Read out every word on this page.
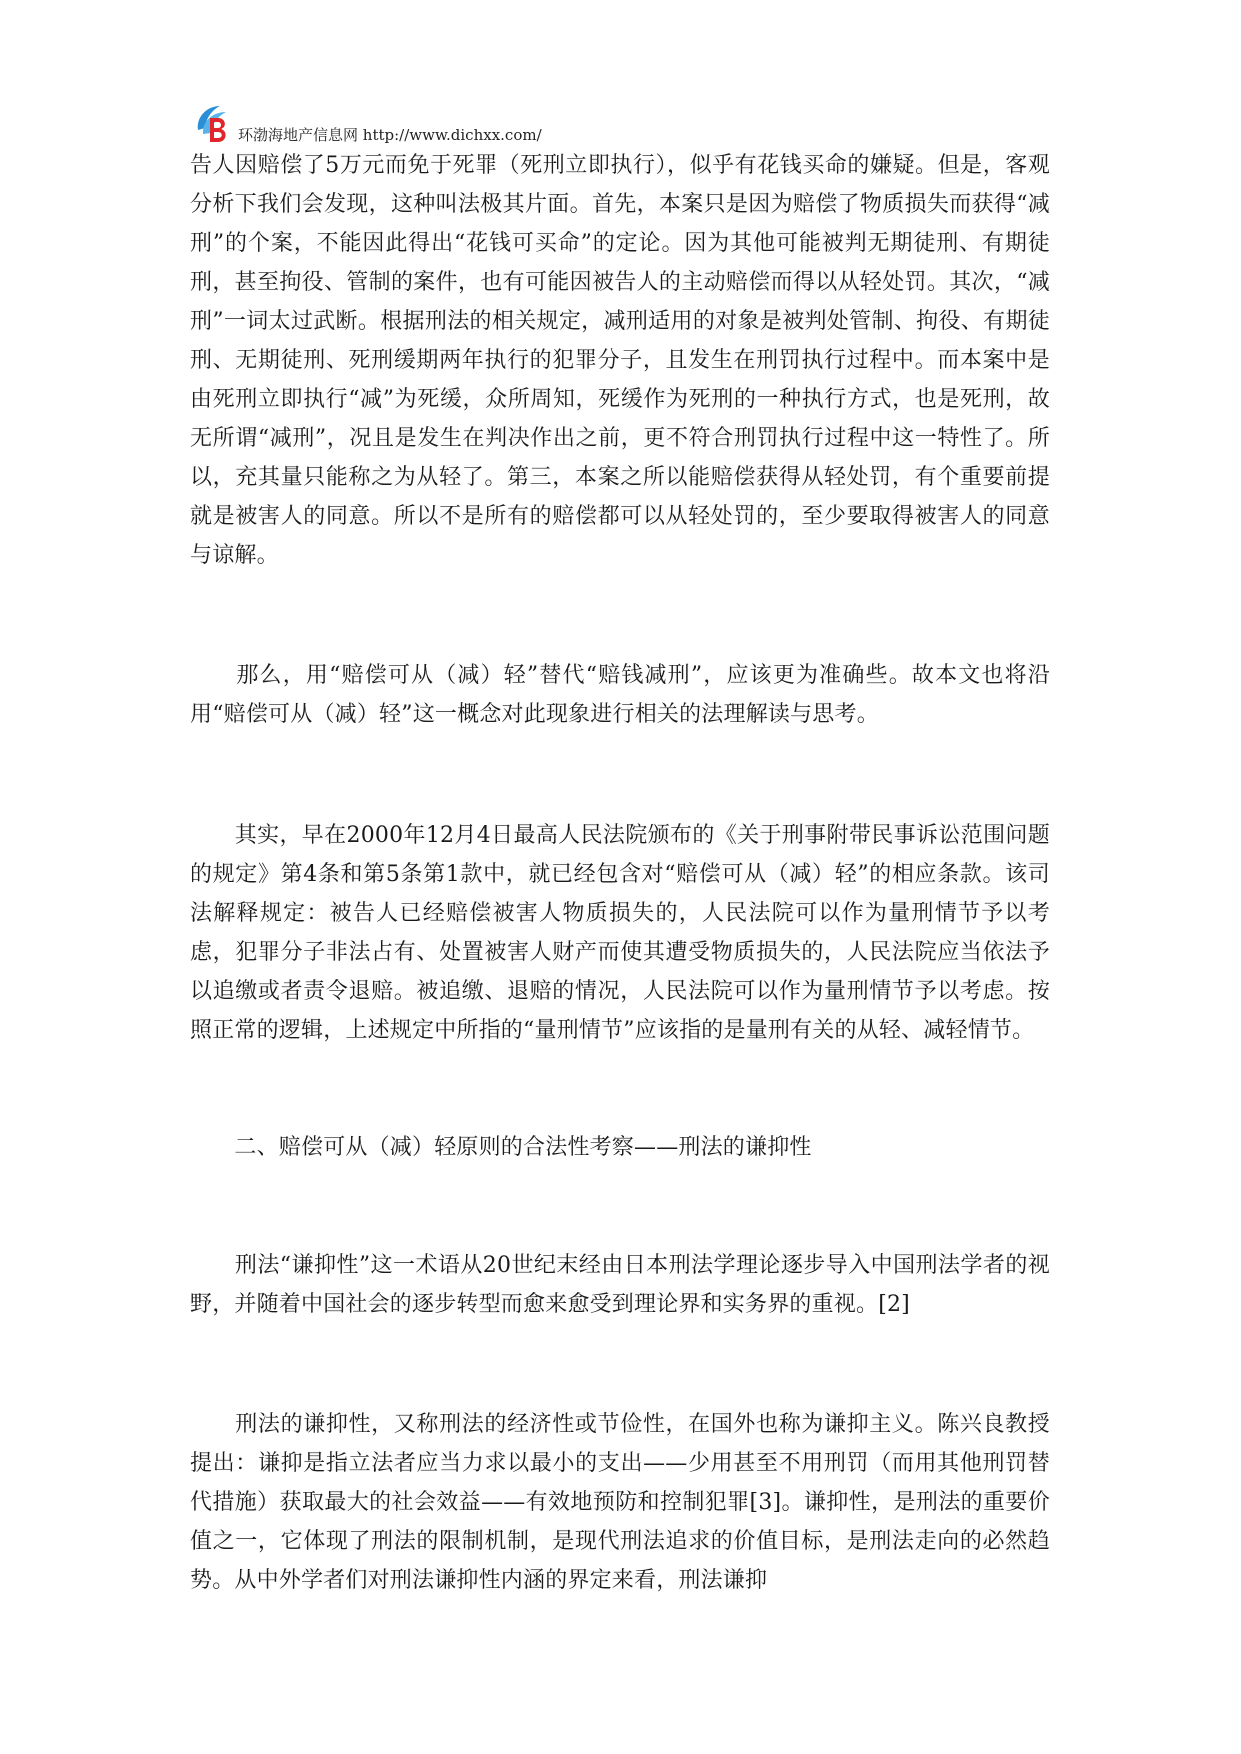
环渤海地产信息网 http://www.dichxx.com/

告人因赔偿了5万元而免于死罪（死刑立即执行），似乎有花钱买命的嫌疑。但是，客观分析下我们会发现，这种叫法极其片面。首先，本案只是因为赔偿了物质损失而获得“减刑”的个案，不能因此得出“花钱可买命”的定论。因为其他可能被判无期徒刑、有期徒刑，甚至拘役、管制的案件，也有可能因被告人的主动赔偿而得以从轻处罚。其次，“减刑”一词太过武断。根据刑法的相关规定，减刑适用的对象是被判处管制、拘役、有期徒刑、无期徒刑、死刑缓期两年执行的犯罪分子，且发生在刑罚执行过程中。而本案中是由死刑立即执行“减”为死缓，众所周知，死缓作为死刑的一种执行方式，也是死刑，故无所谓“减刑”，况且是发生在判决作出之前，更不符合刑罚执行过程中这一特性了。所以，充其量只能称之为从轻了。第三，本案之所以能赔偿获得从轻处罚，有个重要前提就是被害人的同意。所以不是所有的赔偿都可以从轻处罚的，至少要取得被害人的同意与谅解。

　　那么，用“赔偿可从（减）轻”替代“赔钱减刑”，应该更为准确些。故本文也将沿用“赔偿可从（减）轻”这一概念对此现象进行相关的法理解读与思考。

　　其实，早在2000年12月4日最高人民法院颁布的《关于刑事附带民事诉讼范围问题的规定》第4条和第5条第1款中，就已经包含对“赔偿可从（减）轻”的相应条款。该司法解释规定：被告人已经赔偿被害人物质损失的，人民法院可以作为量刑情节予以考虑，犯罪分子非法占有、处置被害人财产而使其遭受物质损失的，人民法院应当依法予以追缴或者责令退赔。被追缴、退赔的情况，人民法院可以作为量刑情节予以考虑。按照正常的逻辑，上述规定中所指的“量刑情节”应该指的是量刑有关的从轻、减轻情节。

　　二、赔偿可从（减）轻原则的合法性考察——刑法的谦抑性

　　刑法“谦抑性”这一术语从20世纪末经由日本刑法学理论逐步导入中国刑法学者的视野，并随着中国社会的逐步转型而愈来愈受到理论界和实务界的重视。[2]

　　刑法的谦抑性，又称刑法的经济性或节俭性，在国外也称为谦抑主义。陈兴良教授提出：谦抑是指立法者应当力求以最小的支出——少用甚至不用刑罚（而用其他刑罚替代措施）获取最大的社会效益——有效地预防和控制犯罪[3]。谦抑性，是刑法的重要价值之一，它体现了刑法的限制机制，是现代刑法追求的价值目标，是刑法走向的必然趋势。从中外学者们对刑法谦抑性内涵的界定来看，刑法谦抑
